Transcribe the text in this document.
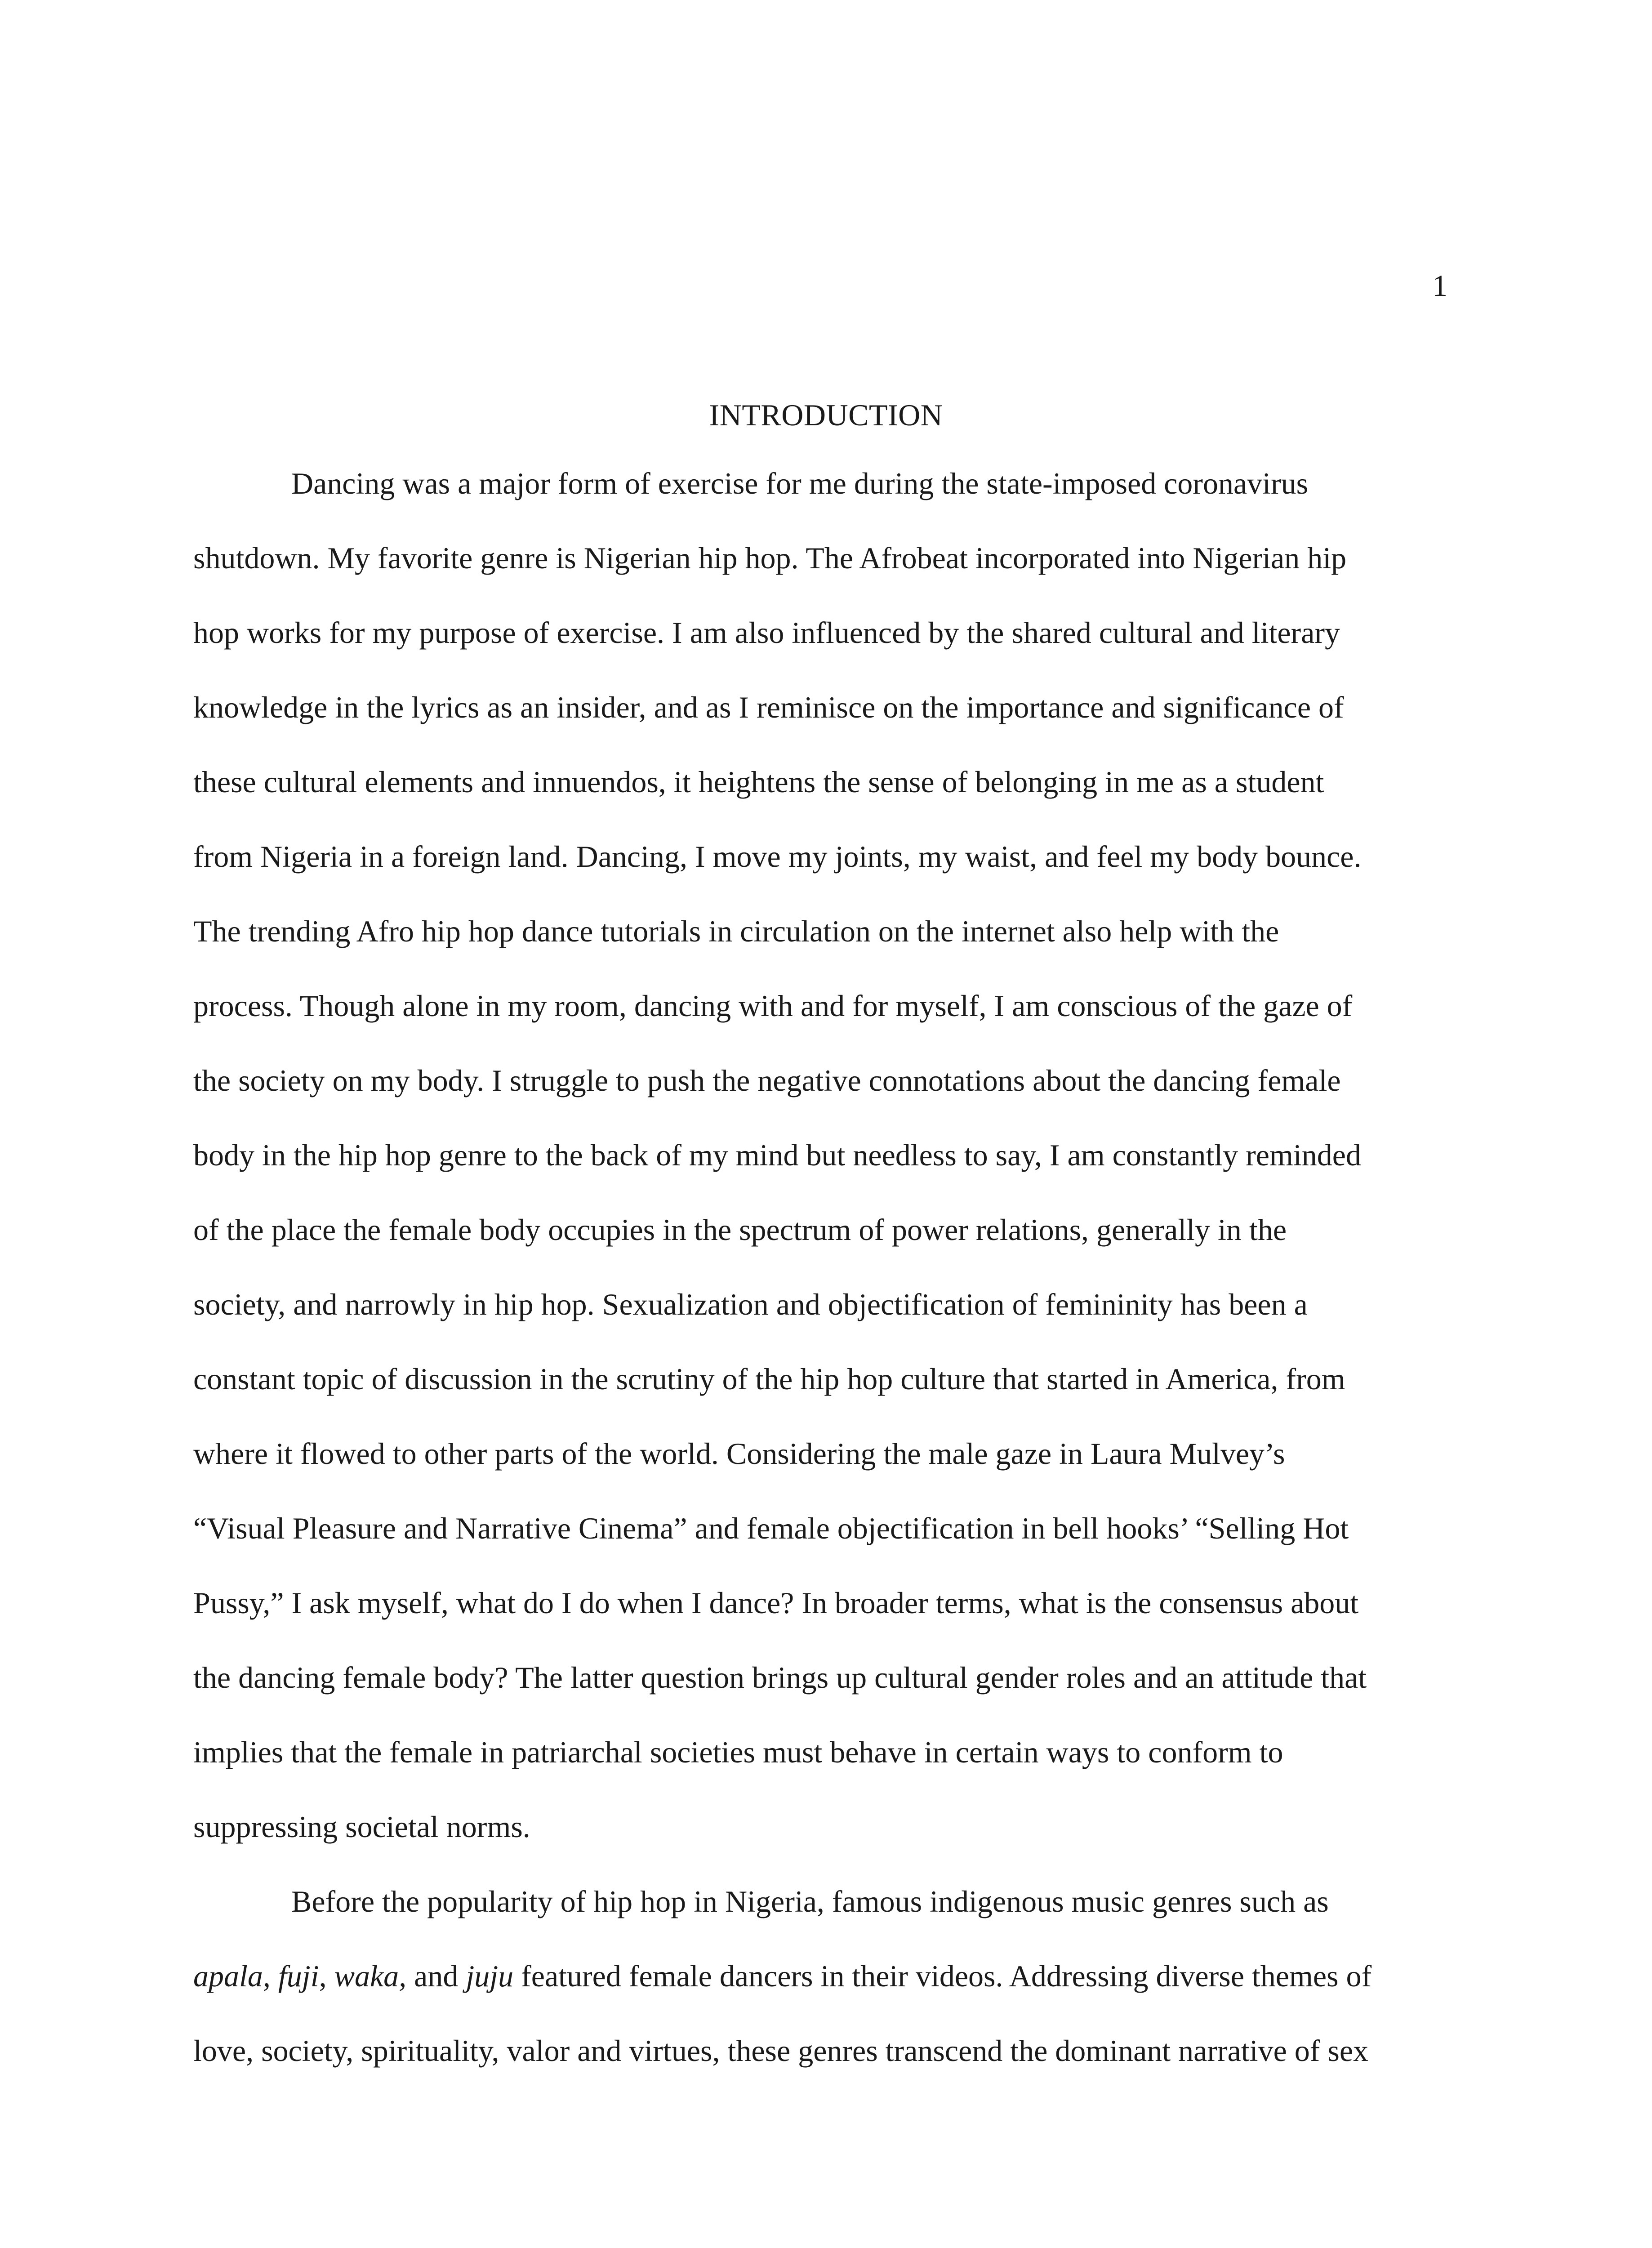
1
INTRODUCTION
Dancing was a major form of exercise for me during the state-imposed coronavirus
shutdown. My favorite genre is Nigerian hip hop. The Afrobeat incorporated into Nigerian hip
hop works for my purpose of exercise. I am also influenced by the shared cultural and literary
knowledge in the lyrics as an insider, and as I reminisce on the importance and significance of
these cultural elements and innuendos, it heightens the sense of belonging in me as a student
from Nigeria in a foreign land. Dancing, I move my joints, my waist, and feel my body bounce.
The trending Afro hip hop dance tutorials in circulation on the internet also help with the
process. Though alone in my room, dancing with and for myself, I am conscious of the gaze of
the society on my body. I struggle to push the negative connotations about the dancing female
body in the hip hop genre to the back of my mind but needless to say, I am constantly reminded
of the place the female body occupies in the spectrum of power relations, generally in the
society, and narrowly in hip hop. Sexualization and objectification of femininity has been a
constant topic of discussion in the scrutiny of the hip hop culture that started in America, from
where it flowed to other parts of the world. Considering the male gaze in Laura Mulvey’s
“Visual Pleasure and Narrative Cinema” and female objectification in bell hooks’ “Selling Hot
Pussy,” I ask myself, what do I do when I dance? In broader terms, what is the consensus about
the dancing female body? The latter question brings up cultural gender roles and an attitude that
implies that the female in patriarchal societies must behave in certain ways to conform to
suppressing societal norms.
Before the popularity of hip hop in Nigeria, famous indigenous music genres such as
apala, fuji, waka, and juju featured female dancers in their videos. Addressing diverse themes of
love, society, spirituality, valor and virtues, these genres transcend the dominant narrative of sex
